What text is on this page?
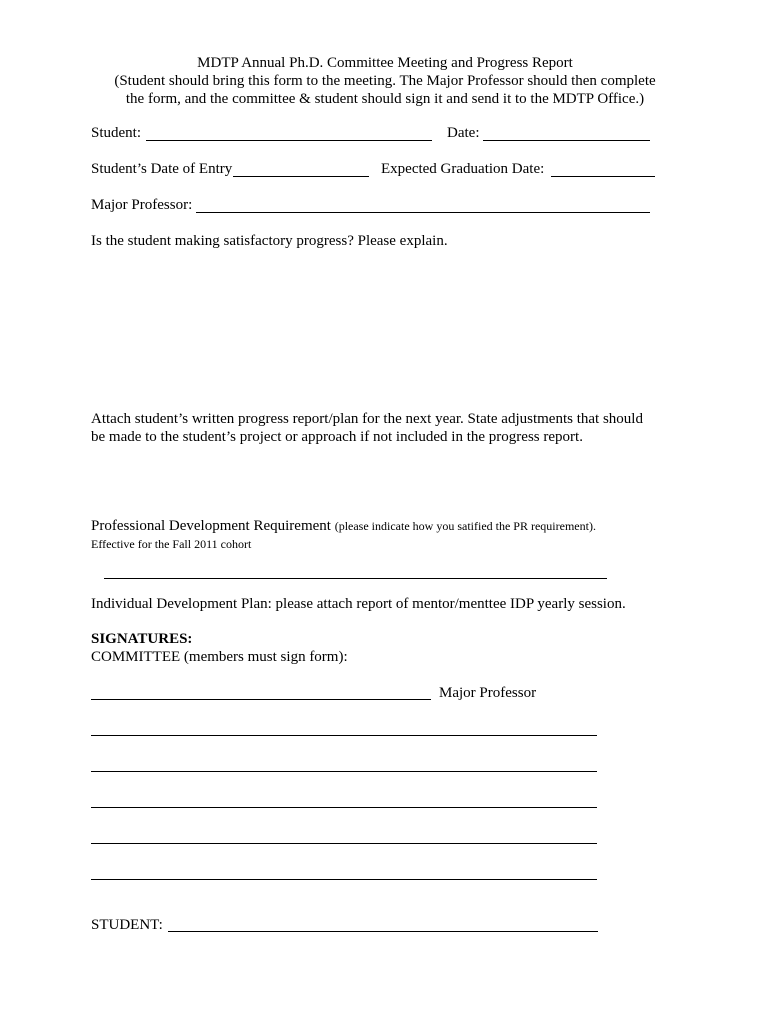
MDTP Annual Ph.D. Committee Meeting and Progress Report
(Student should bring this form to the meeting. The Major Professor should then complete
the form, and the committee & student should sign it and send it to the MDTP Office.)
Student:	Date:
Student’s Date of Entry	Expected Graduation Date:
Major Professor:
Is the student making satisfactory progress? Please explain.
Attach student’s written progress report/plan for the next year. State adjustments that should
be made to the student’s project or approach if not included in the progress report.
Professional Development Requirement (please indicate how you satified the PR requirement).
Effective for the Fall 2011 cohort
Individual Development Plan: please attach report of mentor/menttee IDP yearly session.
SIGNATURES:
COMMITTEE (members must sign form):
Major Professor
STUDENT:
